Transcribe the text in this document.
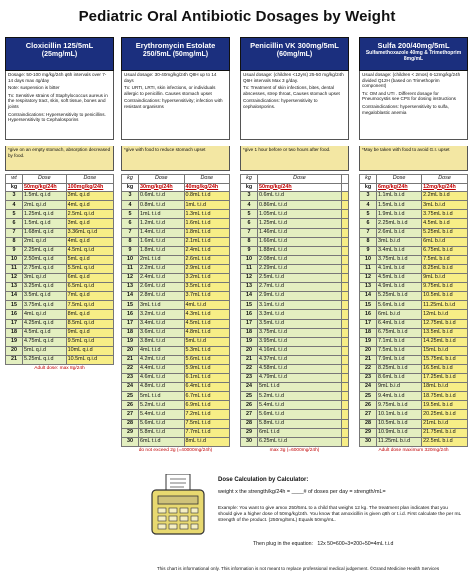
Pediatric Oral Antibiotic Dosages by Weight
Cloxicillin 125/5mL
(25mg/mL)

Dosage: 50-100 mg/kg/24h q6h intervals over 7-14 days max 4g/day

Note: suspension is bitter

Tx: Sensitive strains of Staphylococcus aureus in the respiratory tract, skin, soft tissue, bones and joints

Contraindications: Hypersensitivity to penicillins. Hypersensitivity to Cephalosporins

*give on an empty stomach, absorption decreased by food.
wt	Dose	Dose
kg	50mg/kg/24h	100mg/kg/24h
3	1.5mL q.i.d	3mL q.i.d
4	2mL q.i.d	4mL q.i.d
5	1.25mL q.i.d	2.5mL q.i.d
6	1.5mL q.i.d	3mL q.i.d
7	1.68mL q.i.d	3.36mL q.i.d
8	2mL q.i.d	4mL q.i.d
9	2.25mL q.i.d	4.5mL q.i.d
10	2.50mL q.i.d	5mL q.i.d
11	2.75mL q.i.d	5.5mL q.i.d
12	3mL q.i.d	6mL q.i.d
13	3.25mL q.i.d	6.5mL q.i.d
14	3.5mL q.i.d	7mL q.i.d
15	3.75mL q.i.d	7.5mL q.i.d
16	4mL q.i.d	8mL q.i.d
17	4.25mL q.i.d	8.5mL q.i.d
18	4.5mL q.i.d	9mL q.i.d
19	4.75mL q.i.d	9.5mL q.i.d
20	5mL q.i.d	10mL q.i.d
21	5.25mL q.i.d	10.5mL q.i.d
Adult dose: max 8g/24h
Erythromycin Estolate
250/5mL (50mg/mL)

Usual dosage: 30-40mg/kg/24h Q8H up to 14 days

Tx: URTI, LRTI, skin infections, or individuals allergic to penicillin. Causes stomach upset

Contraindications: hypersensitivity; infection with resistant organisms

*give with food to reduce stomach upset
kg	Dose	Dose
kg	30mg/kg/24h	40mg/kg/24h
3	0.6mL t.i.d	0.8mL t.i.d
4	0.8mL t.i.d	1mL t.i.d
5	1mL t.i.d	1.3mL t.i.d
6	1.2mL t.i.d	1.6mL t.i.d
7	1.4mL t.i.d	1.8mL t.i.d
8	1.6mL t.i.d	2.1mL t.i.d
9	1.8mL t.i.d	2.4mL t.i.d
10	2mL t.i.d	2.6mL t.i.d
11	2.2mL t.i.d	2.9mL t.i.d
12	2.4mL t.i.d	3.2mL t.i.d
13	2.6mL t.i.d	3.5mL t.i.d
14	2.8mL t.i.d	3.7mL t.i.d
15	3mL t.i.d	4mL t.i.d
16	3.2mL t.i.d	4.3mL t.i.d
17	3.4mL t.i.d	4.5mL t.i.d
18	3.6mL t.i.d	4.8mL t.i.d
19	3.8mL t.i.d	5mL t.i.d
20	4mL t.i.d	5.3mL t.i.d
21	4.2mL t.i.d	5.6mL t.i.d
22	4.4mL t.i.d	5.9mL t.i.d
23	4.6mL t.i.d	6.1mL t.i.d
24	4.8mL t.i.d	6.4mL t.i.d
25	5mL t.i.d	6.7mL t.i.d
26	5.2mL t.i.d	6.9mL t.i.d
27	5.4mL t.i.d	7.2mL t.i.d
28	5.6mL t.i.d	7.5mL t.i.d
29	5.8mL t.i.d	7.7mL t.i.d
30	6mL t.i.d	8mL t.i.d
do not exceed 2g (=40000mg/24h)
Penicillin VK 300mg/5mL
(60mg/mL)

Usual dosage: (children <12yrs) 25-50 mg/kg/24h Q6H intervals Max 3 g/day.

Tx: Treatment of skin infections, bites, dental abscesses, strep throat, Causes stomach upset

Contraindications: hypersensitivity to cephalosporins.

*give 1 hour before or two hours after food.
kg	Dose	
kg	50mg/kg/24h	
3	0.6mL t.i.d	
4	0.86mL t.i.d	
5	1.05mL t.i.d	
6	1.25mL t.i.d	
7	1.46mL t.i.d	
8	1.66mL t.i.d	
9	1.88mL t.i.d	
10	2.08mL t.i.d	
11	2.29mL t.i.d	
12	2.5mL t.i.d	
13	2.7mL t.i.d	
14	2.9mL t.i.d	
15	3.1mL t.i.d	
16	3.3mL t.i.d	
17	3.5mL t.i.d	
18	3.75mL t.i.d	
19	3.95mL t.i.d	
20	4.16mL t.i.d	
21	4.37mL t.i.d	
22	4.58mL t.i.d	
23	4.79mL t.i.d	
24	5mL t.i.d	
25	5.2mL t.i.d	
26	5.4mL t.i.d	
27	5.6mL t.i.d	
28	5.8mL t.i.d	
29	6mL t.i.d	
30	6.25mL t.i.d	
max 3g (=6000mg/24h)
Sulfa 200/40mg/5mL
Sulfamethoxazole 40mg & Trimethoprim 8mg/mL

Usual dosage: (children < 2mos) 6-12mg/kg/24h divided Q12H (based on Trimethoprim component)

Tx: OM and UTI . Different dosage for Pneumocystis see CPS for dosing instructions

Contraindications: hypersensitivity to sulfa, megaloblastic anemia

*May be taken with food to avoid G.I. upset
kg	Dose	Dose
kg	6mg/kg/24h	12mg/kg/24h
3	1.1mL b.i.d	2.2mL b.i.d
4	1.5mL b.i.d	3mL b.i.d
5	1.9mL b.i.d	3.75mL b.i.d
6	2.25mL b.i.d	4.5mL b.i.d
7	2.6mL b.i.d	5.25mL b.i.d
8	3mL b.i.d	6mL b.i.d
9	3.4mL b.i.d	6.75mL b.i.d
10	3.75mL b.i.d	7.5mL b.i.d
11	4.1mL b.i.d	8.25mL b.i.d
12	4.5mL b.i.d	9mL b.i.d
13	4.9mL b.i.d	9.75mL b.i.d
14	5.25mL b.i.d	10.5mL b.i.d
15	5.6mL b.i.d	11.25mL b.i.d
16	6mL b.i.d	12mL b.i.d
17	6.4mL b.i.d	12.75mL b.i.d
18	6.75mL b.i.d	13.5mL b.i.d
19	7.1mL b.i.d	14.25mL b.i.d
20	7.5mL b.i.d	15mL b.i.d
21	7.9mL b.i.d	15.75mL b.i.d
22	8.25mL b.i.d	16.5mL b.i.d
23	8.6mL b.i.d	17.25mL b.i.d
24	9mL b.i.d	18mL b.i.d
25	9.4mL b.i.d	18.75mL b.i.d
26	9.75mL b.i.d	19.5mL b.i.d
27	10.1mL b.i.d	20.25mL b.i.d
28	10.5mL b.i.d	21mL b.i.d
29	10.9mL b.i.d	21.75mL b.i.d
30	11.25mL b.i.d	22.5mL b.i.d
Adult dose maximum 320mg/24h
Dose Calculation by Calculator:
weight x the strength/kg/24h = ____# of doses per day = strength/mL=
Example: You want to give amox 250/5mL to a child that weighs 12 kg. The treatment plan indicates that you should give a higher dose of 50mg/kg/24h. You know that amoxicillin is given q8h or t.i.d. First calculate the per mL strength of the product. (250mg/5mL) Equals 50mg/mL.
Then plug in the equation: 12x 50=600÷3=200÷50=4mL t.i.d
This chart is informational only. This information is not meant to replace professional medical judgement. ©Grand Medicine Health Services
